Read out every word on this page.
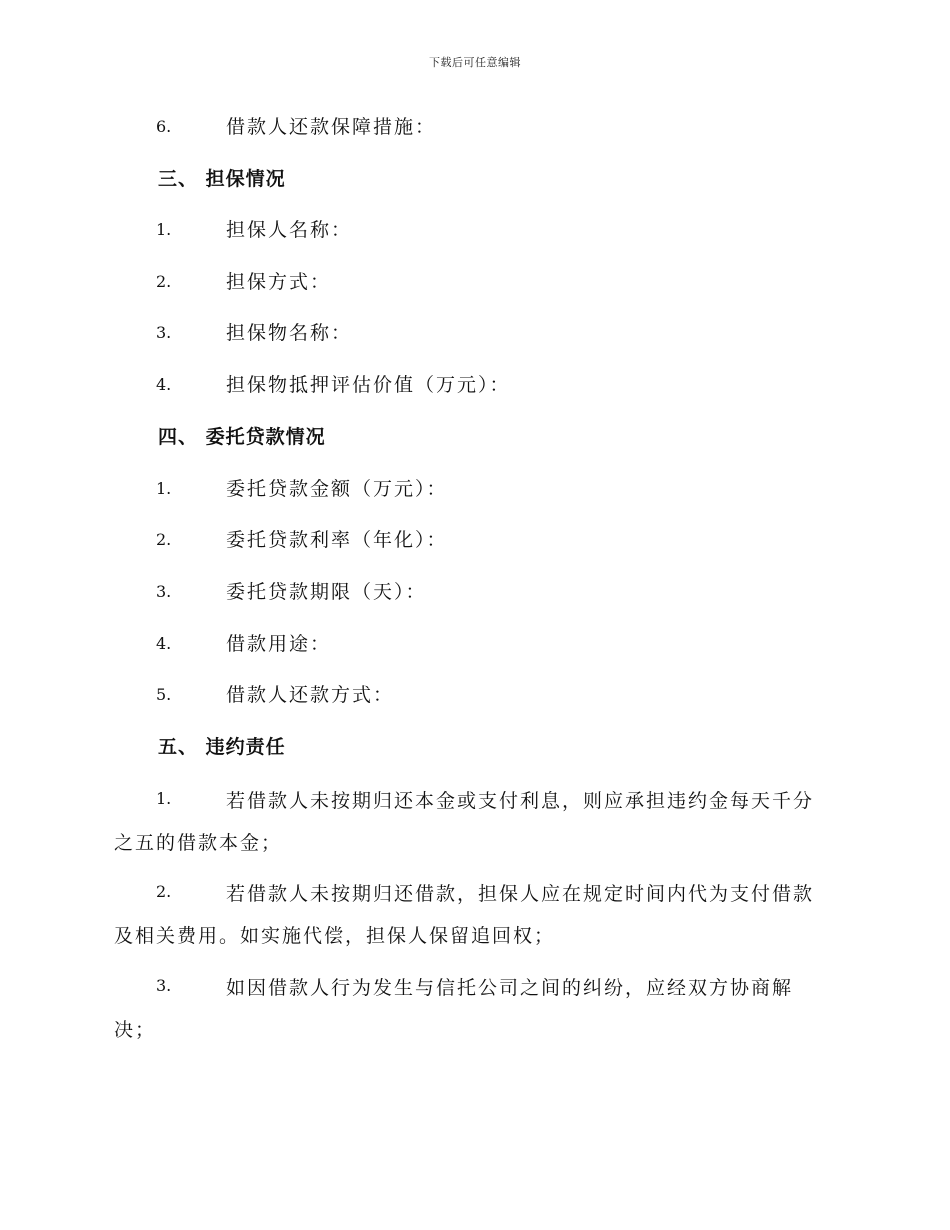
下载后可任意编辑
6.	借款人还款保障措施：
三、 担保情况
1.	担保人名称：
2.	担保方式：
3.	担保物名称：
4.	担保物抵押评估价值（万元）：
四、 委托贷款情况
1.	委托贷款金额（万元）：
2.	委托贷款利率（年化）：
3.	委托贷款期限（天）：
4.	借款用途：
5.	借款人还款方式：
五、 违约责任
1.	若借款人未按期归还本金或支付利息，则应承担违约金每天千分
之五的借款本金；
2.	若借款人未按期归还借款，担保人应在规定时间内代为支付借款
及相关费用。如实施代偿，担保人保留追回权；
3.	如因借款人行为发生与信托公司之间的纠纷，应经双方协商解
决；
